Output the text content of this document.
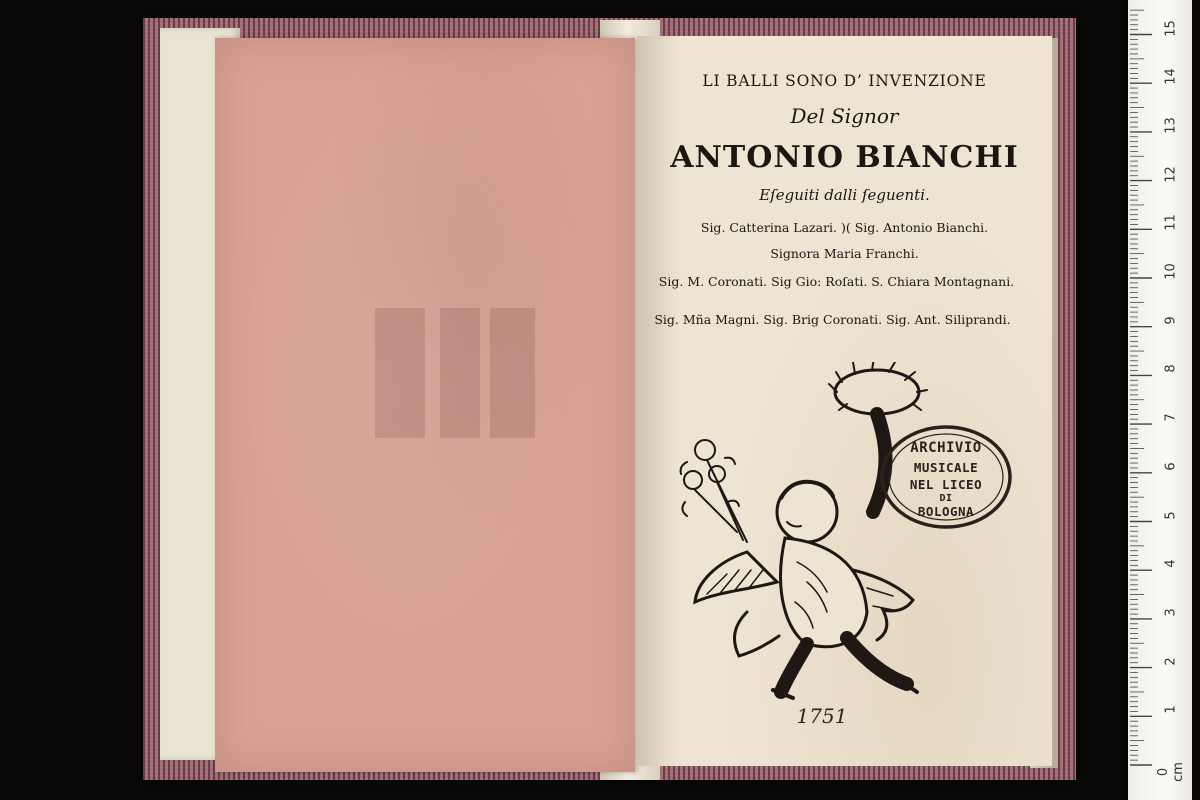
LI BALLI SONO D’ INVENZIONE
Del Signor
ANTONIO BIANCHI
Eſeguiti dalli ſeguenti.
Sig. Catterina Lazari. )( Sig. Antonio Bianchi.
Signora Maria Franchi.
Sig. M. Coronati. Sig Gio: Roſati. S. Chiara Montagnani.
Sig. Mña Magni. Sig. Brig Coronati. Sig. Ant. Siliprandi.
ARCHIVIO
MUSICALE
NEL LICEO
DI
BOLOGNA
1751
0 cm
1
2
3
4
5
6
7
8
9
10
11
12
13
14
15
